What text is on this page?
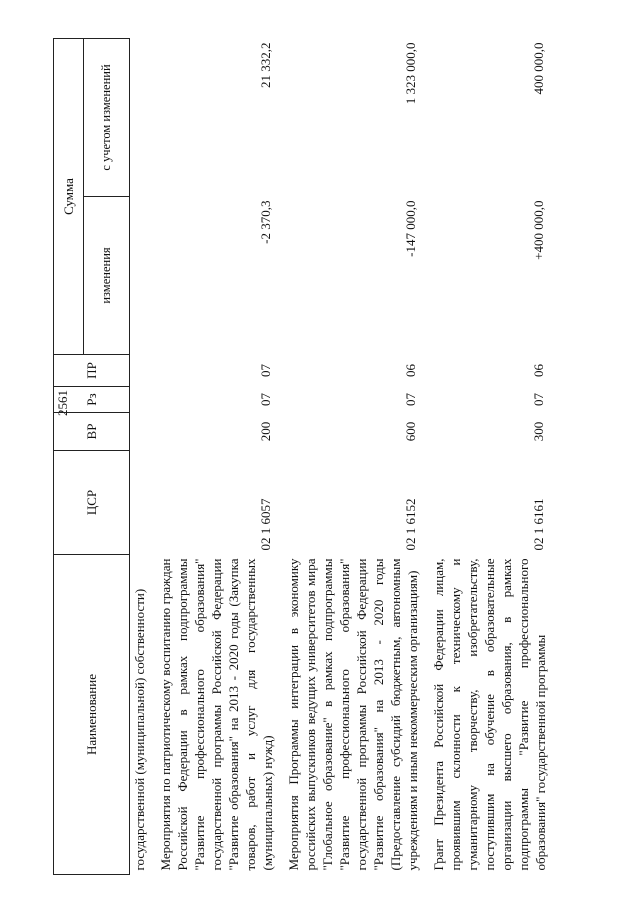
2561
Наименование	ЦСР	ВР	Рз	ПР	Сумма	
					изменения	с учетом изменений
государственной (муниципальной) собственности)						
Мероприятия по патриотическому воспитанию граждан Российской Федерации в рамках подпрограммы "Развитие профессионального образования" государственной программы Российской Федерации "Развитие образования" на 2013 - 2020 годы (Закупка товаров, работ и услуг для государственных (муниципальных) нужд)	02 1 6057	200	07	07	-2 370,3	21 332,2
Мероприятия Программы интеграции в экономику российских выпускников ведущих университетов мира "Глобальное образование" в рамках подпрограммы "Развитие профессионального образования" государственной программы Российской Федерации "Развитие образования" на 2013 - 2020 годы (Предоставление субсидий бюджетным, автономным учреждениям и иным некоммерческим организациям)	02 1 6152	600	07	06	-147 000,0	1 323 000,0
Грант Президента Российской Федерации лицам, проявившим склонности к техническому и гуманитарному творчеству, изобретательству, поступившим на обучение в образовательные организации высшего образования, в рамках подпрограммы "Развитие профессионального образования" государственной программы	02 1 6161	300	07	06	+400 000,0	400 000,0
